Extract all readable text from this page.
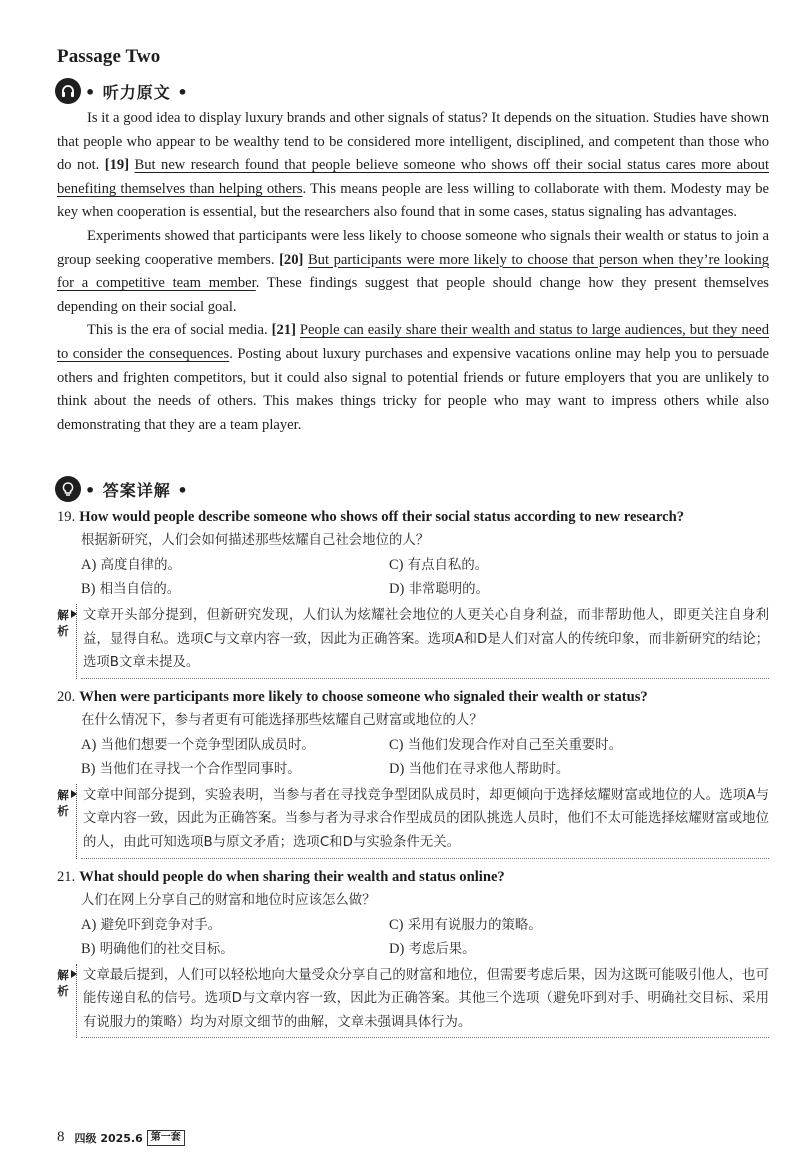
Passage Two
• 听力原文 •

Is it a good idea to display luxury brands and other signals of status? It depends on the situation. Studies have shown that people who appear to be wealthy tend to be considered more intelligent, disciplined, and competent than those who do not. [19] But new research found that people believe someone who shows off their social status cares more about benefiting themselves than helping others. This means people are less willing to collaborate with them. Modesty may be key when cooperation is essential, but the researchers also found that in some cases, status signaling has advantages.

Experiments showed that participants were less likely to choose someone who signals their wealth or status to join a group seeking cooperative members. [20] But participants were more likely to choose that person when they’re looking for a competitive team member. These findings suggest that people should change how they present themselves depending on their social goal.

This is the era of social media. [21] People can easily share their wealth and status to large audiences, but they need to consider the consequences. Posting about luxury purchases and expensive vacations online may help you to persuade others and frighten competitors, but it could also signal to potential friends or future employers that you are unlikely to think about the needs of others. This makes things tricky for people who may want to impress others while also demonstrating that they are a team player.

• 答案详解 •
19. How would people describe someone who shows off their social status according to new research?
根据新研究，人们会如何描述那些炫耀自己社会地位的人？
A) 高度自律的。	C) 有点自私的。
B) 相当自信的。	D) 非常聪明的。
解析
文章开头部分提到，但新研究发现，人们认为炫耀社会地位的人更关心自身利益，而非帮助他人，即更关注自身利益，显得自私。选项C与文章内容一致，因此为正确答案。选项A和D是人们对富人的传统印象，而非新研究的结论；选项B文章未提及。
20. When were participants more likely to choose someone who signaled their wealth or status?
在什么情况下，参与者更有可能选择那些炫耀自己财富或地位的人？
A) 当他们想要一个竞争型团队成员时。	C) 当他们发现合作对自己至关重要时。
B) 当他们在寻找一个合作型同事时。	D) 当他们在寻求他人帮助时。
解析
文章中间部分提到，实验表明，当参与者在寻找竞争型团队成员时，却更倾向于选择炫耀财富或地位的人。选项A与文章内容一致，因此为正确答案。当参与者为寻求合作型成员的团队挑选人员时，他们不太可能选择炫耀财富或地位的人，由此可知选项B与原文矛盾；选项C和D与实验条件无关。
21. What should people do when sharing their wealth and status online?
人们在网上分享自己的财富和地位时应该怎么做？
A) 避免吓到竞争对手。	C) 采用有说服力的策略。
B) 明确他们的社交目标。	D) 考虑后果。
解析
文章最后提到，人们可以轻松地向大量受众分享自己的财富和地位，但需要考虑后果，因为这既可能吸引他人，也可能传递自私的信号。选项D与文章内容一致，因此为正确答案。其他三个选项（避免吓到对手、明确社交目标、采用有说服力的策略）均为对原文细节的曲解，文章未强调具体行为。
8 四级 2025.6 第一套
